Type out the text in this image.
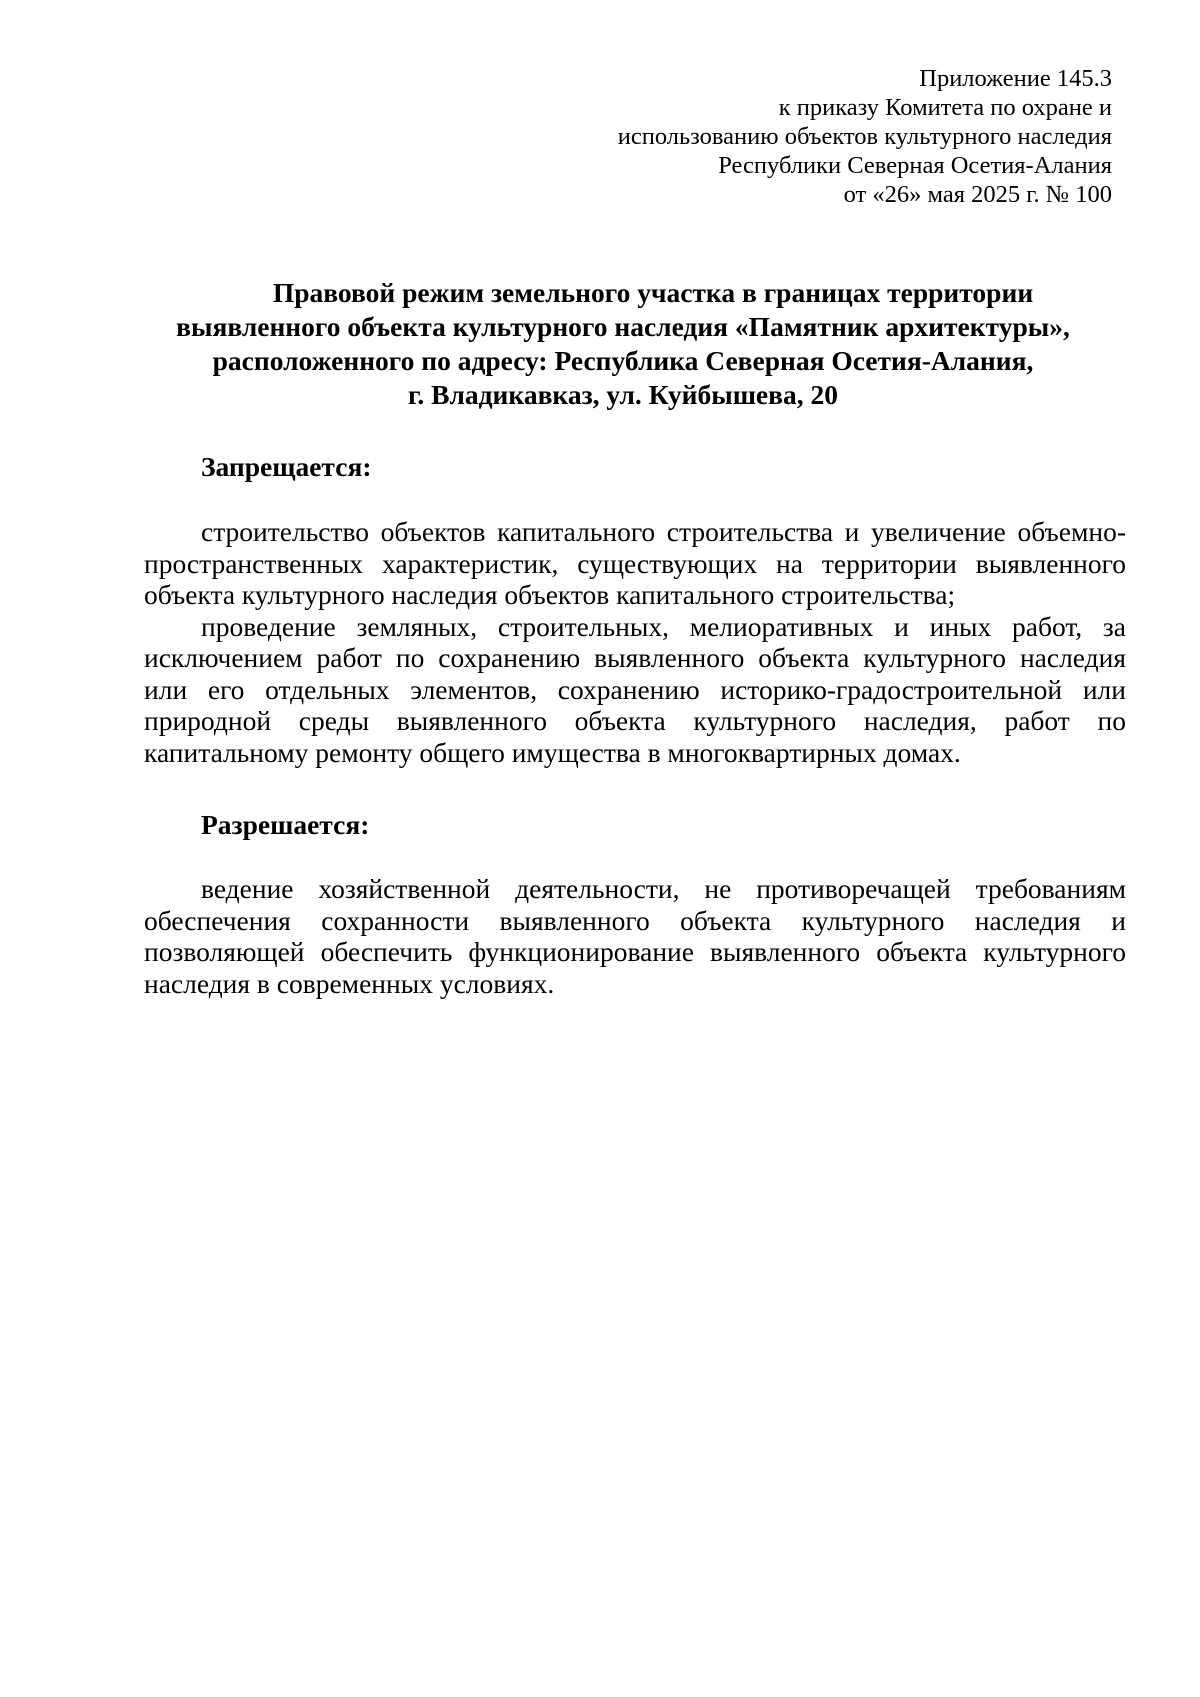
Приложение 145.3
к приказу Комитета по охране и
использованию объектов культурного наследия
Республики Северная Осетия-Алания
от «26» мая 2025 г. № 100
Правовой режим земельного участка в границах территории
выявленного объекта культурного наследия «Памятник архитектуры»,
расположенного по адресу: Республика Северная Осетия-Алания,
г. Владикавказ, ул. Куйбышева, 20
Запрещается:

строительство объектов капитального строительства и увеличение объемно-пространственных характеристик, существующих на территории выявленного объекта культурного наследия объектов капитального строительства;

проведение земляных, строительных, мелиоративных и иных работ, за исключением работ по сохранению выявленного объекта культурного наследия или его отдельных элементов, сохранению историко-градостроительной или природной среды выявленного объекта культурного наследия, работ по капитальному ремонту общего имущества в многоквартирных домах.

Разрешается:

ведение хозяйственной деятельности, не противоречащей требованиям обеспечения сохранности выявленного объекта культурного наследия и позволяющей обеспечить функционирование выявленного объекта культурного наследия в современных условиях.
